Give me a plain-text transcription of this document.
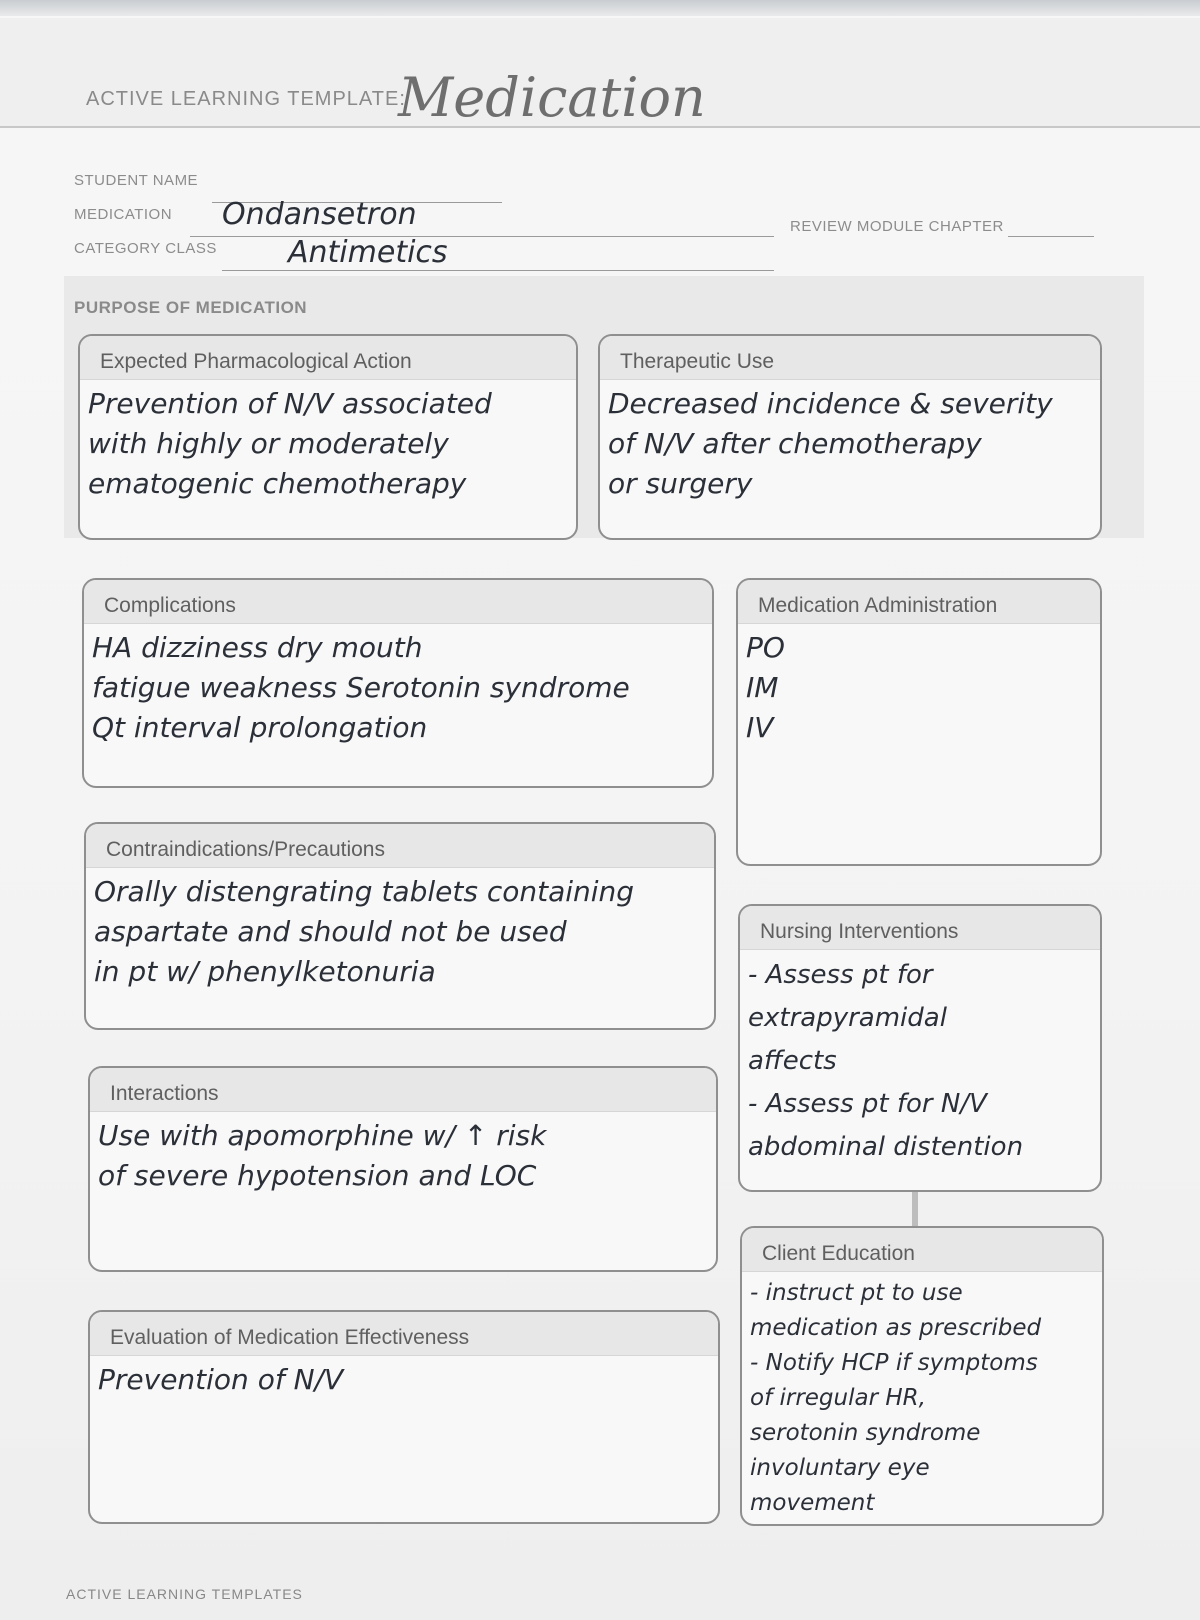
ACTIVE LEARNING TEMPLATE:
Medication
STUDENT NAME
MEDICATION Ondansetron
CATEGORY CLASS Antimetics
REVIEW MODULE CHAPTER
PURPOSE OF MEDICATION
Expected Pharmacological Action
Prevention of N/V associated
with highly or moderately
ematogenic chemotherapy
Therapeutic Use
Decreased incidence & severity
of N/V after chemotherapy
or surgery
Complications
HA dizziness dry mouth
fatigue weakness Serotonin syndrome
Qt interval prolongation
Contraindications/Precautions
Orally distengrating tablets containing
aspartate and should not be used
in pt w/ phenylketonuria
Interactions
Use with apomorphine w/ ↑ risk
of severe hypotension and LOC
Evaluation of Medication Effectiveness
Prevention of N/V
Medication Administration
PO
IM
IV
Nursing Interventions
- Assess pt for
extrapyramidal
affects
- Assess pt for N/V
abdominal distention
Client Education
- instruct pt to use
medication as prescribed
- Notify HCP if symptoms
of irregular HR,
serotonin syndrome
involuntary eye
movement
ACTIVE LEARNING TEMPLATES
